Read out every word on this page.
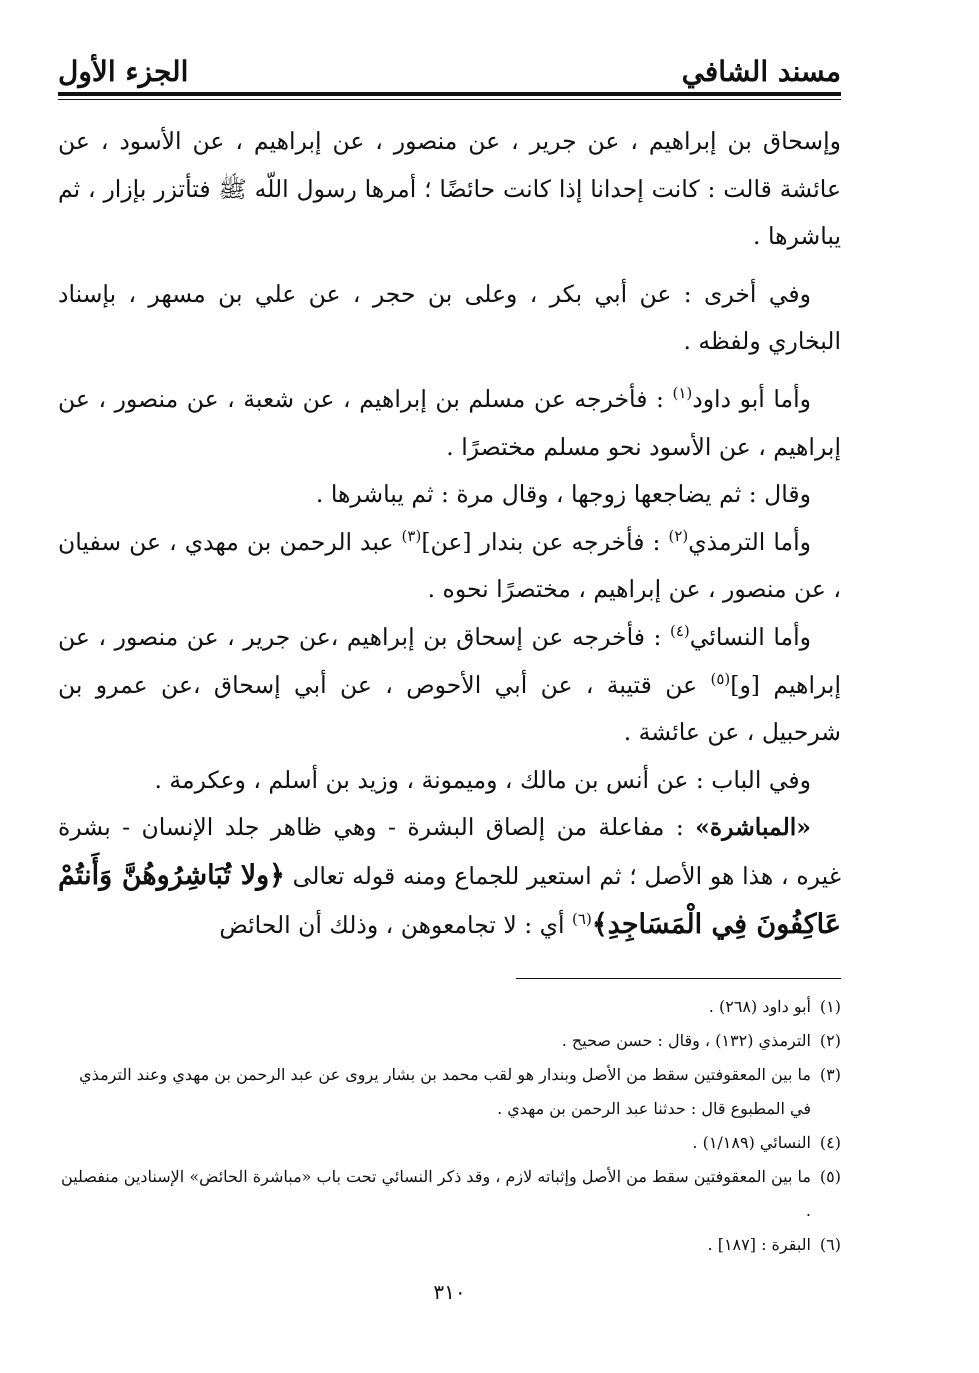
مسند الشافي
الجزء الأول

وإسحاق بن إبراهيم ، عن جرير ، عن منصور ، عن إبراهيم ، عن الأسود ، عن عائشة قالت : كانت إحدانا إذا كانت حائضًا ؛ أمرها رسول اللّه ﷺ فتأتزر بإزار ، ثم يباشرها .

وفي أخرى : عن أبي بكر ، وعلى بن حجر ، عن علي بن مسهر ، بإسناد البخاري ولفظه .

وأما أبو داود$^{(١)}$ : فأخرجه عن مسلم بن إبراهيم ، عن شعبة ، عن منصور ، عن إبراهيم ، عن الأسود نحو مسلم مختصرًا .

وقال : ثم يضاجعها زوجها ، وقال مرة : ثم يباشرها .

وأما الترمذي$^{(٢)}$ : فأخرجه عن بندار [عن]$^{(٣)}$ عبد الرحمن بن مهدي ، عن سفيان ، عن منصور ، عن إبراهيم ، مختصرًا نحوه .

وأما النسائي$^{(٤)}$ : فأخرجه عن إسحاق بن إبراهيم ،عن جرير ، عن منصور ، عن إبراهيم [و]$^{(٥)}$ عن قتيبة ، عن أبي الأحوص ، عن أبي إسحاق ،عن عمرو بن شرحبيل ، عن عائشة .

وفي الباب : عن أنس بن مالك ، وميمونة ، وزيد بن أسلم ، وعكرمة .

«المباشرة» : مفاعلة من إلصاق البشرة - وهي ظاهر جلد الإنسان - بشرة غيره ، هذا هو الأصل ؛ ثم استعير للجماع ومنه قوله تعالى ﴿ولا تُبَاشِرُوهُنَّ وَأَنتُمْ عَاكِفُونَ فِي الْمَسَاجِدِ﴾$^{(٦)}$ أي : لا تجامعوهن ، وذلك أن الحائض

(١)
أبو داود (٢٦٨) .
(٢)
الترمذي (١٣٢) ، وقال : حسن صحيح .
(٣)
ما بين المعقوفتين سقط من الأصل وبندار هو لقب محمد بن بشار يروى عن عبد الرحمن بن مهدي وعند الترمذي في المطبوع قال : حدثنا عبد الرحمن بن مهدي .
(٤)
النسائي (١/١٨٩) .
(٥)
ما بين المعقوفتين سقط من الأصل وإثباته لازم ، وقد ذكر النسائي تحت باب «مباشرة الحائض» الإسنادين منفصلين .
(٦)
البقرة : [١٨٧] .
٣١٠
